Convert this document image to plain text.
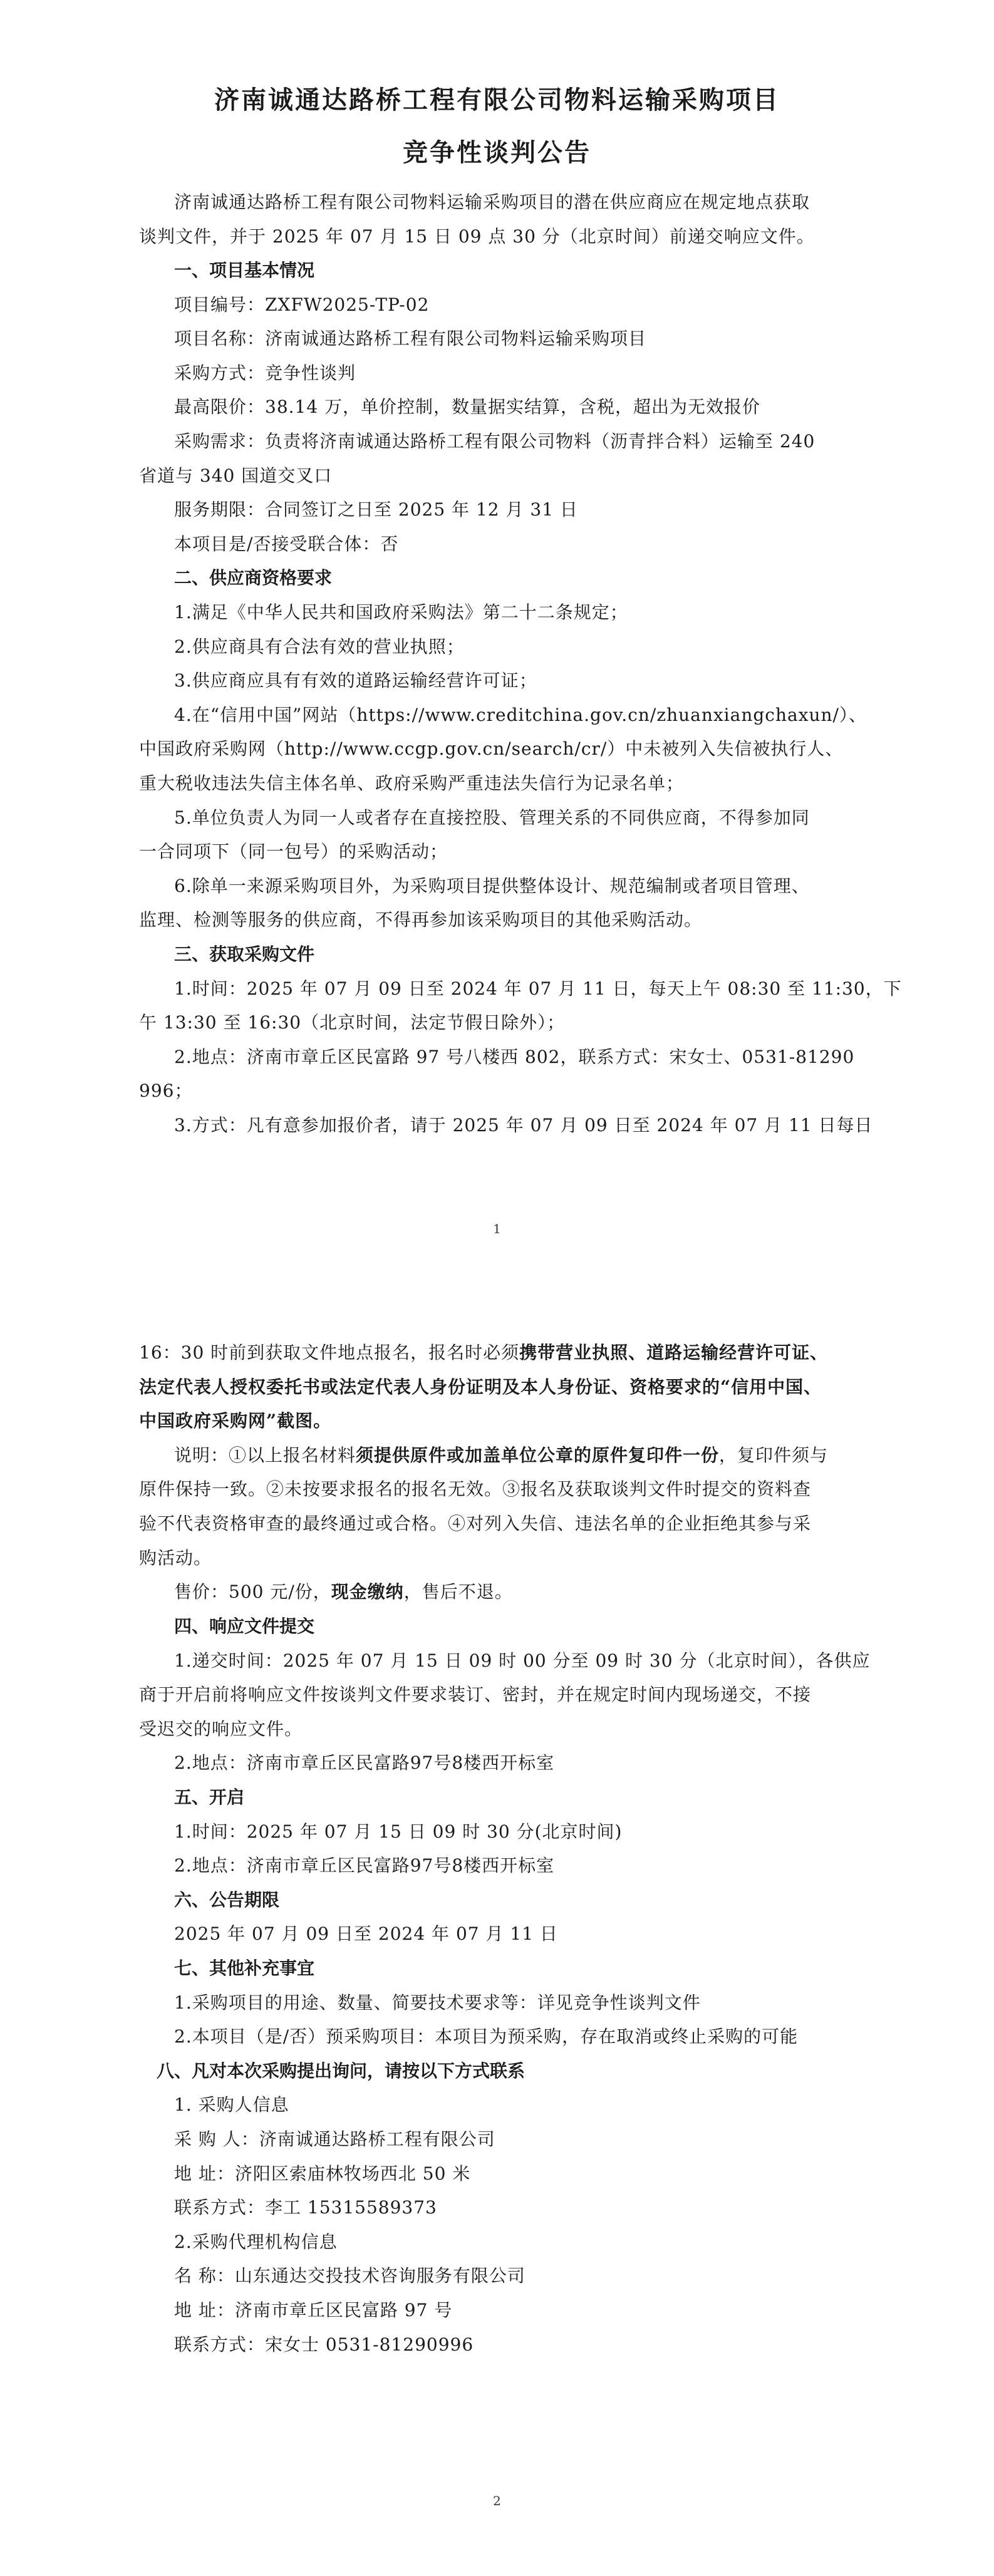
济南诚通达路桥工程有限公司物料运输采购项目
竞争性谈判公告
济南诚通达路桥工程有限公司物料运输采购项目的潜在供应商应在规定地点获取
谈判文件，并于 2025 年 07 月 15 日 09 点 30 分（北京时间）前递交响应文件。
一、项目基本情况
项目编号：ZXFW2025-TP-02
项目名称：济南诚通达路桥工程有限公司物料运输采购项目
采购方式：竞争性谈判
最高限价：38.14 万，单价控制，数量据实结算，含税，超出为无效报价
采购需求：负责将济南诚通达路桥工程有限公司物料（沥青拌合料）运输至 240
省道与 340 国道交叉口
服务期限：合同签订之日至 2025 年 12 月 31 日
本项目是/否接受联合体：否
二、供应商资格要求
1.满足《中华人民共和国政府采购法》第二十二条规定；
2.供应商具有合法有效的营业执照；
3.供应商应具有有效的道路运输经营许可证；
4.在“信用中国”网站（https://www.creditchina.gov.cn/zhuanxiangchaxun/）、
中国政府采购网（http://www.ccgp.gov.cn/search/cr/）中未被列入失信被执行人、
重大税收违法失信主体名单、政府采购严重违法失信行为记录名单；
5.单位负责人为同一人或者存在直接控股、管理关系的不同供应商，不得参加同
一合同项下（同一包号）的采购活动；
6.除单一来源采购项目外，为采购项目提供整体设计、规范编制或者项目管理、
监理、检测等服务的供应商，不得再参加该采购项目的其他采购活动。
三、获取采购文件
1.时间：2025 年 07 月 09 日至 2024 年 07 月 11 日，每天上午 08:30 至 11:30，下
午 13:30 至 16:30（北京时间，法定节假日除外）；
2.地点：济南市章丘区民富路 97 号八楼西 802，联系方式：宋女士、0531-81290
996；
3.方式：凡有意参加报价者，请于 2025 年 07 月 09 日至 2024 年 07 月 11 日每日
1
16：30 时前到获取文件地点报名，报名时必须携带营业执照、道路运输经营许可证、
法定代表人授权委托书或法定代表人身份证明及本人身份证、资格要求的“信用中国、
中国政府采购网”截图。
说明：①以上报名材料须提供原件或加盖单位公章的原件复印件一份，复印件须与
原件保持一致。②未按要求报名的报名无效。③报名及获取谈判文件时提交的资料查
验不代表资格审查的最终通过或合格。④对列入失信、违法名单的企业拒绝其参与采
购活动。
售价：500 元/份，现金缴纳，售后不退。
四、响应文件提交
1.递交时间：2025 年 07 月 15 日 09 时 00 分至 09 时 30 分（北京时间），各供应
商于开启前将响应文件按谈判文件要求装订、密封，并在规定时间内现场递交，不接
受迟交的响应文件。
2.地点：济南市章丘区民富路97号8楼西开标室
五、开启
1.时间：2025 年 07 月 15 日 09 时 30 分(北京时间)
2.地点：济南市章丘区民富路97号8楼西开标室
六、公告期限
2025 年 07 月 09 日至 2024 年 07 月 11 日
七、其他补充事宜
1.采购项目的用途、数量、简要技术要求等：详见竞争性谈判文件
2.本项目（是/否）预采购项目：本项目为预采购，存在取消或终止采购的可能
八、凡对本次采购提出询问，请按以下方式联系
1. 采购人信息
采 购 人：济南诚通达路桥工程有限公司
地 址：济阳区索庙林牧场西北 50 米
联系方式：李工 15315589373
2.采购代理机构信息
名 称：山东通达交投技术咨询服务有限公司
地 址：济南市章丘区民富路 97 号
联系方式：宋女士 0531-81290996
2
